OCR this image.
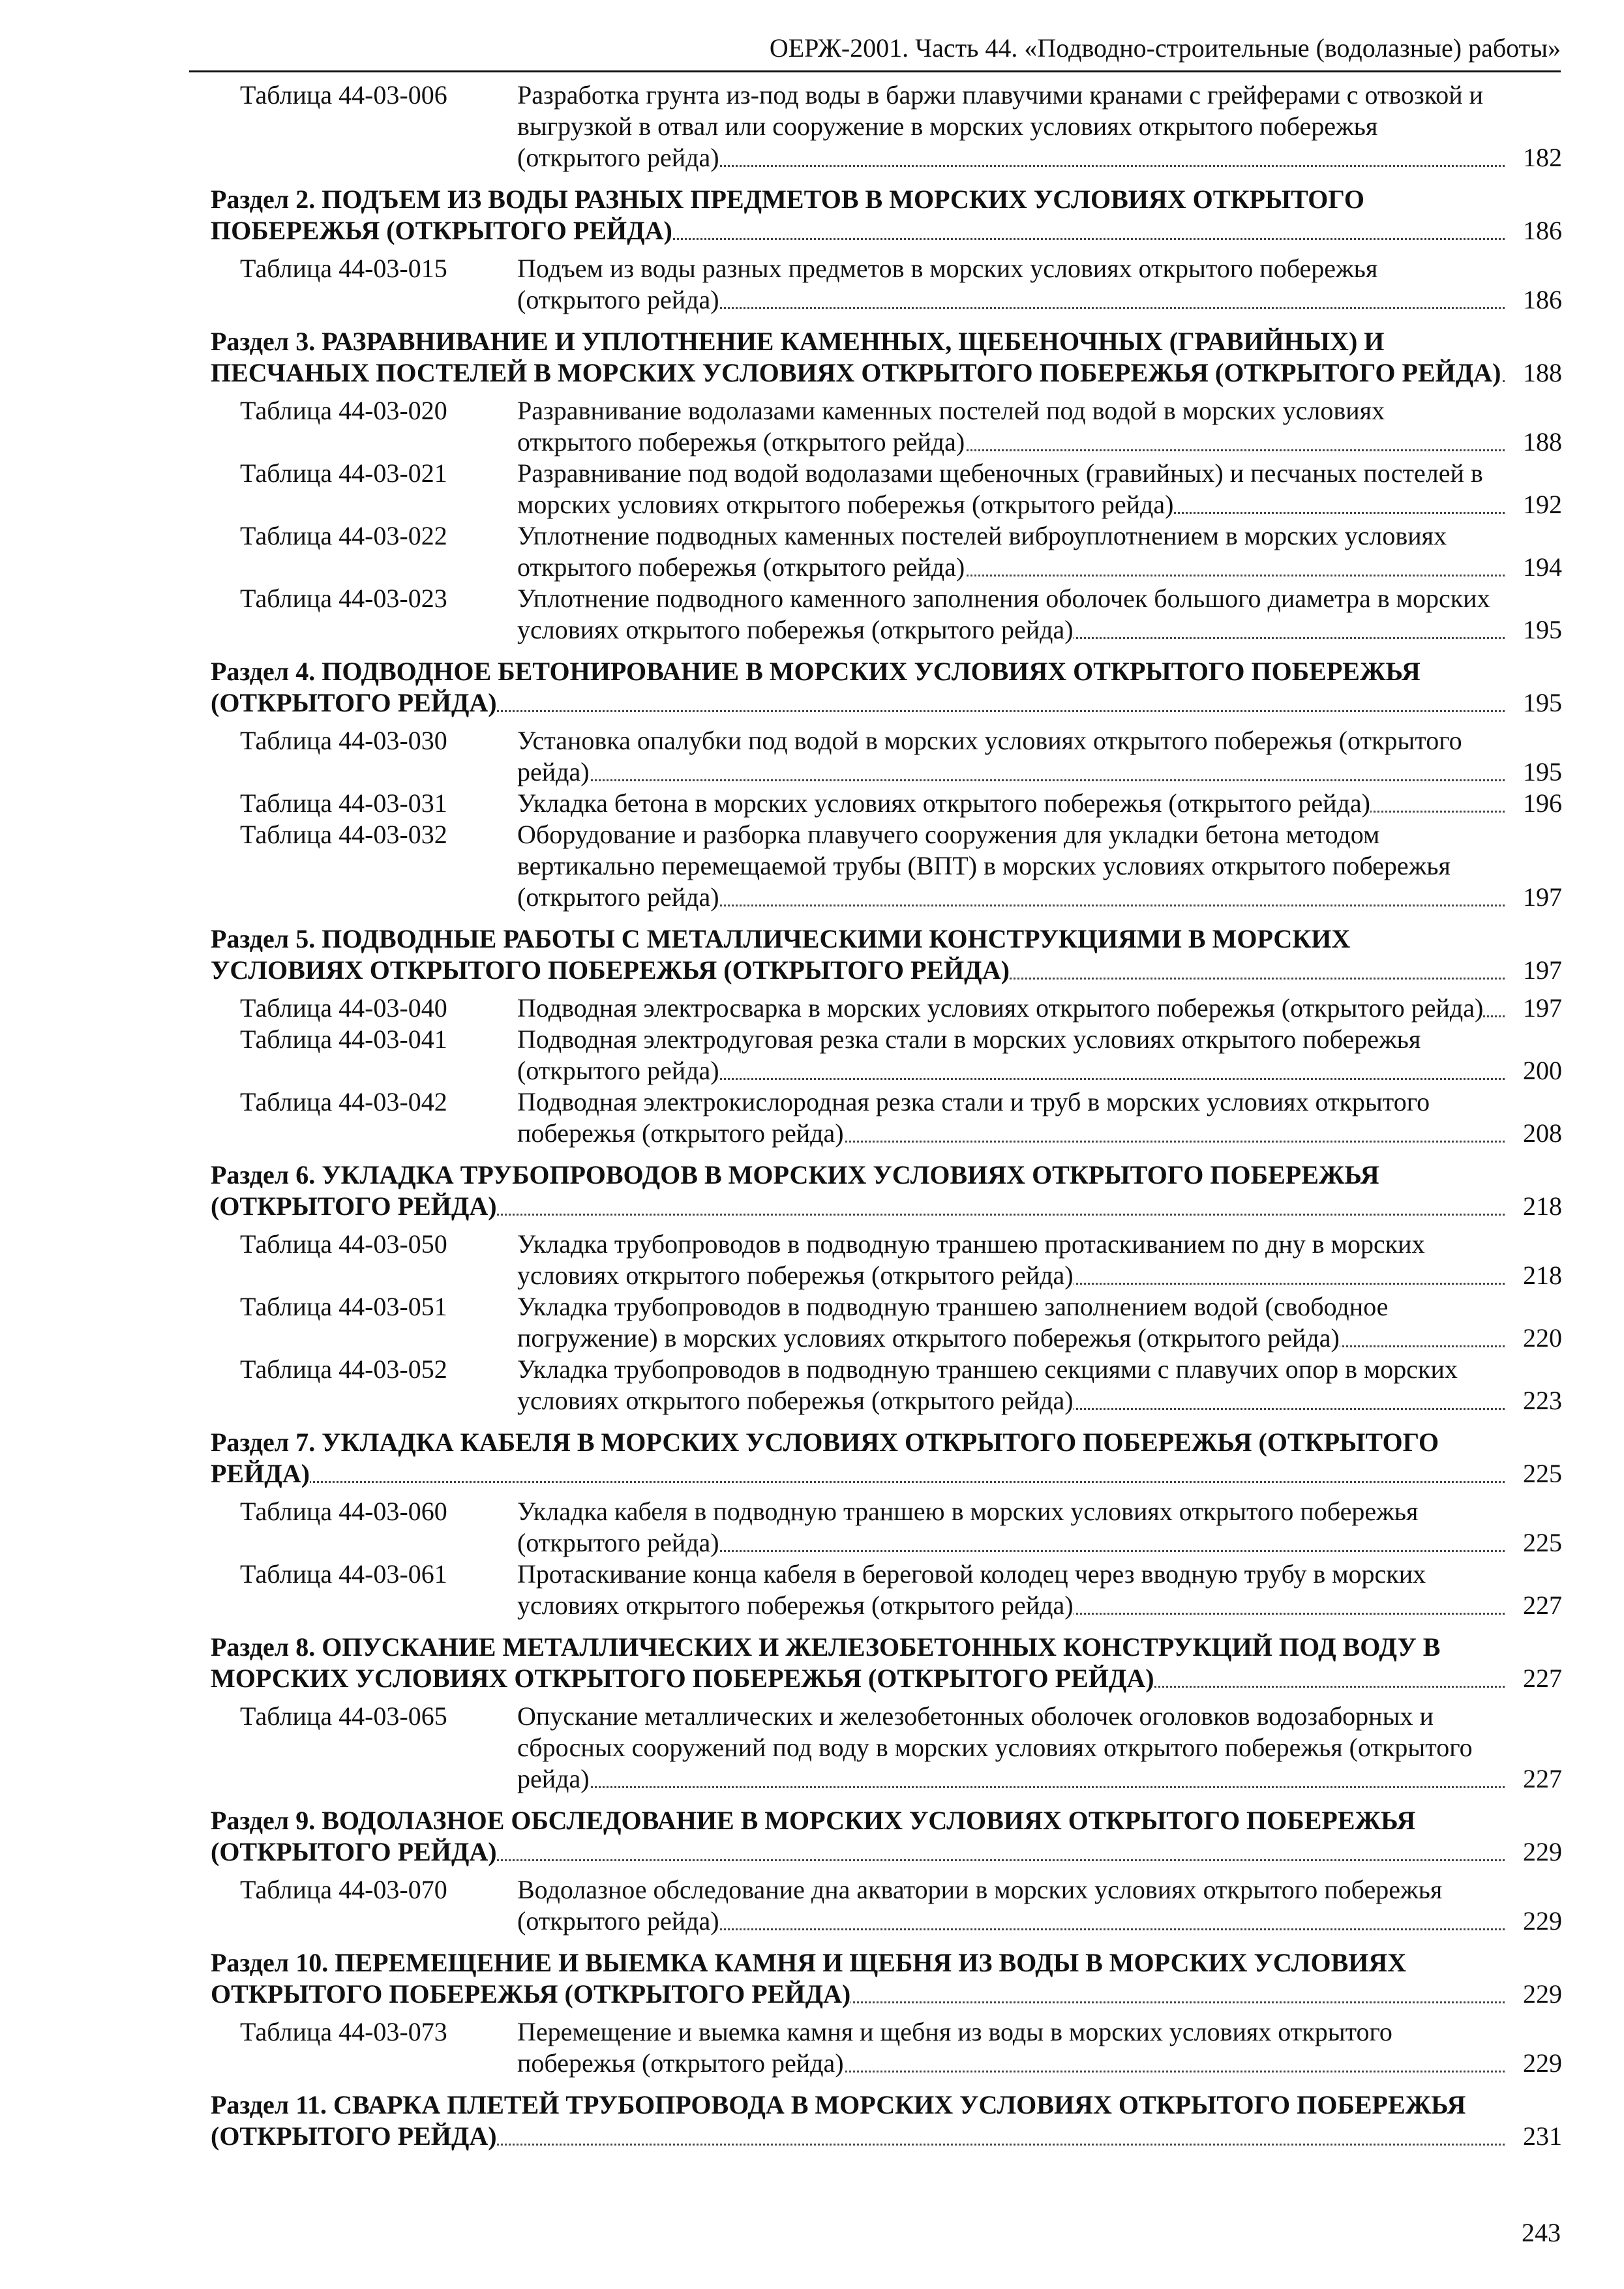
ОЕРЖ-2001. Часть 44. «Подводно-строительные (водолазные) работы»
Таблица 44-03-006	Разработка грунта из-под воды в баржи плавучими кранами с грейферами с отвозкой и выгрузкой в отвал или сооружение в морских условиях открытого побережья (открытого рейда)	182
Раздел 2. ПОДЪЕМ ИЗ ВОДЫ РАЗНЫХ ПРЕДМЕТОВ В МОРСКИХ УСЛОВИЯХ ОТКРЫТОГО ПОБЕРЕЖЬЯ (ОТКРЫТОГО РЕЙДА)	186
Таблица 44-03-015	Подъем из воды разных предметов в морских условиях открытого побережья (открытого рейда)	186
Раздел 3. РАЗРАВНИВАНИЕ И УПЛОТНЕНИЕ КАМЕННЫХ, ЩЕБЕНОЧНЫХ (ГРАВИЙНЫХ) И ПЕСЧАНЫХ ПОСТЕЛЕЙ В МОРСКИХ УСЛОВИЯХ ОТКРЫТОГО ПОБЕРЕЖЬЯ (ОТКРЫТОГО РЕЙДА) 188
Таблица 44-03-020	Разравнивание водолазами каменных постелей под водой в морских условиях открытого побережья (открытого рейда)	188
Таблица 44-03-021	Разравнивание под водой водолазами щебеночных (гравийных) и песчаных постелей в морских условиях открытого побережья (открытого рейда)	192
Таблица 44-03-022	Уплотнение подводных каменных постелей виброуплотнением в морских условиях открытого побережья (открытого рейда)	194
Таблица 44-03-023	Уплотнение подводного каменного заполнения оболочек большого диаметра в морских условиях открытого побережья (открытого рейда)	195
Раздел 4. ПОДВОДНОЕ БЕТОНИРОВАНИЕ В МОРСКИХ УСЛОВИЯХ ОТКРЫТОГО ПОБЕРЕЖЬЯ (ОТКРЫТОГО РЕЙДА)	195
Таблица 44-03-030	Установка опалубки под водой в морских условиях открытого побережья (открытого рейда)	195
Таблица 44-03-031	Укладка бетона в морских условиях открытого побережья (открытого рейда)	196
Таблица 44-03-032	Оборудование и разборка плавучего сооружения для укладки бетона методом вертикально перемещаемой трубы (ВПТ) в морских условиях открытого побережья (открытого рейда)	197
Раздел 5. ПОДВОДНЫЕ РАБОТЫ С МЕТАЛЛИЧЕСКИМИ КОНСТРУКЦИЯМИ В МОРСКИХ УСЛОВИЯХ ОТКРЫТОГО ПОБЕРЕЖЬЯ (ОТКРЫТОГО РЕЙДА)	197
Таблица 44-03-040	Подводная электросварка в морских условиях открытого побережья (открытого рейда)	197
Таблица 44-03-041	Подводная электродуговая резка стали в морских условиях открытого побережья (открытого рейда)	200
Таблица 44-03-042	Подводная электрокислородная резка стали и труб в морских условиях открытого побережья (открытого рейда)	208
Раздел 6. УКЛАДКА ТРУБОПРОВОДОВ В МОРСКИХ УСЛОВИЯХ ОТКРЫТОГО ПОБЕРЕЖЬЯ (ОТКРЫТОГО РЕЙДА)	218
Таблица 44-03-050	Укладка трубопроводов в подводную траншею протаскиванием по дну в морских условиях открытого побережья (открытого рейда)	218
Таблица 44-03-051	Укладка трубопроводов в подводную траншею заполнением водой (свободное погружение) в морских условиях открытого побережья (открытого рейда)	220
Таблица 44-03-052	Укладка трубопроводов в подводную траншею секциями с плавучих опор в морских условиях открытого побережья (открытого рейда)	223
Раздел 7. УКЛАДКА КАБЕЛЯ В МОРСКИХ УСЛОВИЯХ ОТКРЫТОГО ПОБЕРЕЖЬЯ (ОТКРЫТОГО РЕЙДА)	225
Таблица 44-03-060	Укладка кабеля в подводную траншею в морских условиях открытого побережья (открытого рейда)	225
Таблица 44-03-061	Протаскивание конца кабеля в береговой колодец через вводную трубу в морских условиях открытого побережья (открытого рейда)	227
Раздел 8. ОПУСКАНИЕ МЕТАЛЛИЧЕСКИХ И ЖЕЛЕЗОБЕТОННЫХ КОНСТРУКЦИЙ ПОД ВОДУ В МОРСКИХ УСЛОВИЯХ ОТКРЫТОГО ПОБЕРЕЖЬЯ (ОТКРЫТОГО РЕЙДА)	227
Таблица 44-03-065	Опускание металлических и железобетонных оболочек оголовков водозаборных и сбросных сооружений под воду в морских условиях открытого побережья (открытого рейда)	227
Раздел 9. ВОДОЛАЗНОЕ ОБСЛЕДОВАНИЕ В МОРСКИХ УСЛОВИЯХ ОТКРЫТОГО ПОБЕРЕЖЬЯ (ОТКРЫТОГО РЕЙДА)	229
Таблица 44-03-070	Водолазное обследование дна акватории в морских условиях открытого побережья (открытого рейда)	229
Раздел 10. ПЕРЕМЕЩЕНИЕ И ВЫЕМКА КАМНЯ И ЩЕБНЯ ИЗ ВОДЫ В МОРСКИХ УСЛОВИЯХ ОТКРЫТОГО ПОБЕРЕЖЬЯ (ОТКРЫТОГО РЕЙДА)	229
Таблица 44-03-073	Перемещение и выемка камня и щебня из воды в морских условиях открытого побережья (открытого рейда)	229
Раздел 11. СВАРКА ПЛЕТЕЙ ТРУБОПРОВОДА В МОРСКИХ УСЛОВИЯХ ОТКРЫТОГО ПОБЕРЕЖЬЯ (ОТКРЫТОГО РЕЙДА)	231
243
